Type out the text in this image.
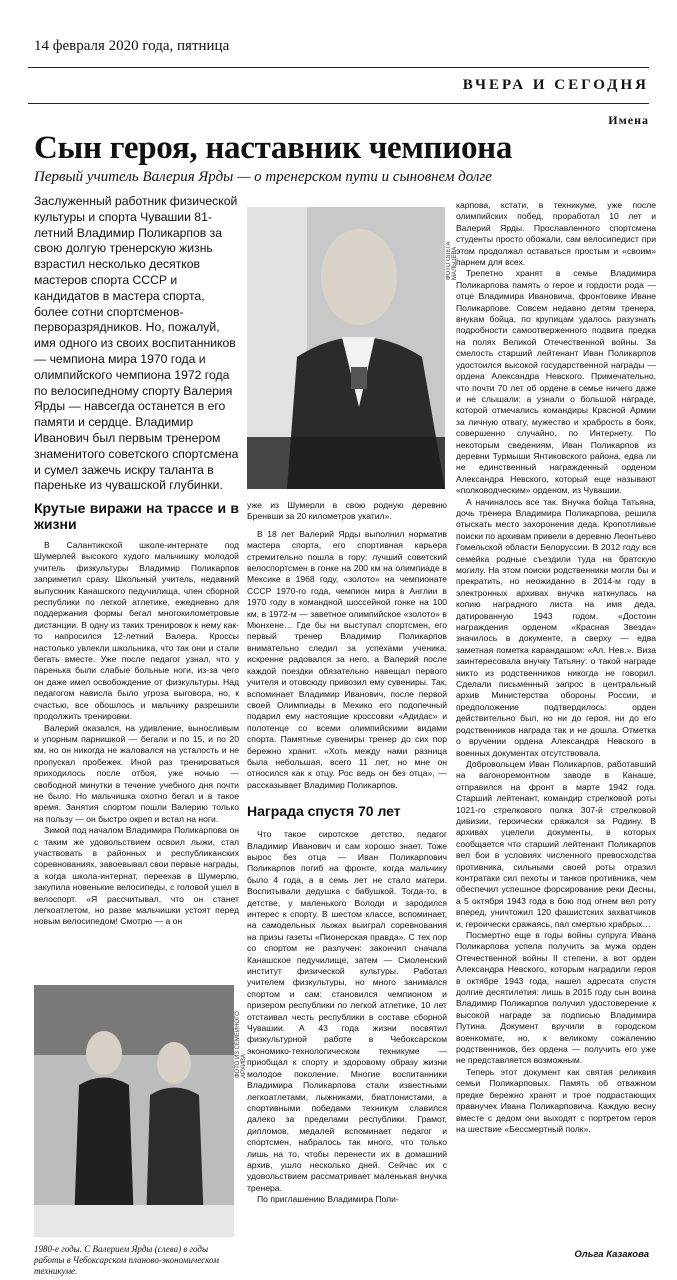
14 февраля 2020 года, пятница
ВЧЕРА И СЕГОДНЯ
Имена
Сын героя, наставник чемпиона
Первый учитель Валерия Ярды — о тренерском пути и сыновнем долге
Заслуженный работник физической культуры и спорта Чувашии 81-летний Владимир Поликарпов за свою долгую тренерскую жизнь взрастил несколько десятков мастеров спорта СССР и кандидатов в мастера спорта, более сотни спортсменов-перворазрядников. Но, пожалуй, имя одного из своих воспитанников — чемпиона мира 1970 года и олимпийского чемпиона 1972 года по велосипедному спорту Валерия Ярды — навсегда останется в его памяти и сердце. Владимир Иванович был первым тренером знаменитого советского спортсмена и сумел зажечь искру таланта в пареньке из чувашской глубинки.
ФОТО ОЛЕГА МАЛЬЦЕВА
Крутые виражи на трассе и в жизни

В Салантикской школе-интернате под Шумерлей высокого худого мальчишку молодой учитель физкультуры Владимир Поликарпов заприметил сразу. Школьный учитель, недавний выпускник Канашского педучилища, член сборной республики по легкой атлетике, ежедневно для поддержания формы бегал многокилометровые дистанции. В одну из таких тренировок к нему как-то напросился 12-летний Валера. Кроссы настолько увлекли школьника, что так они и стали бегать вместе. Уже после педагог узнал, что у паренька были слабые больные ноги, из-за чего он даже имел освобождение от физкультуры. Над педагогом нависла было угроза выговора, но, к счастью, все обошлось и мальчику разрешили продолжить тренировки.

Валерий оказался, на удивление, выносливым и упорным парнишкой — бегали и по 15, и по 20 км, но он никогда не жаловался на усталость и не пропускал пробежек. Иной раз тренироваться приходилось после отбоя, уже ночью — свободной минутки в течение учебного дня почти не было. Но мальчишка охотно бегал и в такое время. Занятия спортом пошли Валерию только на пользу — он быстро окреп и встал на ноги.

Зимой под началом Владимира Поликарпова он с таким же удовольствием освоил лыжи, стал участвовать в районных и республиканских соревнованиях, завоевывал свои первые награды, а когда школа-интернат, переехав в Шумерлю, закупила новенькие велосипеды, с головой ушел в велоспорт. «Я рассчитывал, что он станет легкоатлетом, но разве мальчишки устоят перед новым велосипедом! Смотрю — а он

ФОТО ИЗ СЕМЕЙНОГО АРХИВА
1980-е годы. С Валерием Ярды (слева) в годы работы в Чебоксарском планово-экономическом техникуме.

уже из Шумерли в свою родную деревню Бренвши за 20 километров укатил».

В 18 лет Валерий Ярды выполнил норматив мастера спорта, его спортивная карьера стремительно пошла в гору: лучший советский велоспортсмен в гонке на 200 км на олимпиаде в Мексике в 1968 году, «золото» на чемпионате СССР 1970-го года, чемпион мира в Англии в 1970 году в командной шоссейной гонке на 100 км, в 1972-м — заветное олимпийское «золото» в Мюнхене… Где бы ни выступал спортсмен, его первый тренер Владимир Поликарпов внимательно следил за успехами ученика, искренне радовался за него, а Валерий после каждой поездки обязательно навещал первого учителя и отовсюду привозил ему сувениры. Так, вспоминает Владимир Иванович, после первой своей Олимпиады в Мехико его подопечный подарил ему настоящие кроссовки «Адидас» и полотенце со всеми олимпийскими видами спорта. Памятные сувениры тренер до сих пор бережно хранит. «Хоть между нами разница была небольшая, всего 11 лет, но мне он относился как к отцу. Рос ведь он без отца», — рассказывает Владимир Поликарпов.

Награда спустя 70 лет

Что такое сиротское детство, педагог Владимир Иванович и сам хорошо знает. Тоже вырос без отца — Иван Поликарпович Поликарпов погиб на фронте, когда мальчику было 4 года, а в семь лет не стало матери. Воспитывали дедушка с бабушкой. Тогда-то, в детстве, у маленького Володи и зародился интерес к спорту. В шестом классе, вспоминает, на самодельных лыжах выиграл соревнования на призы газеты «Пионерская правда». С тех пор со спортом не разлучен: закончил сначала Канашское педучилище, затем — Смоленский институт физической культуры. Работал учителем физкультуры, но много занимался спортом и сам: становился чемпионом и призером республики по легкой атлетике, 10 лет отстаивал честь республики в составе сборной Чувашии. А 43 года жизни посвятил физкультурной работе в Чебоксарском экономико-технологическом техникуме — приобщал к спорту и здоровому образу жизни молодое поколение. Многие воспитанники Владимира Поликарпова стали известными легкоатлетами, лыжниками, биатлонистами, а спортивными победами техникум славился далеко за пределами республики. Грамот, дипломов, медалей вспоминает педагог и спортсмен, набралось так много, что только лишь на то, чтобы перенести их в домашний архив, ушло несколько дней. Сейчас их с удовольствием рассматривает маленькая внучка тренера.

По приглашению Владимира Поли-

карпова, кстати, в техникуме, уже после олимпийских побед, проработал 10 лет и Валерий Ярды. Прославленного спортсмена студенты просто обожали, сам велосипедист при этом продолжал оставаться простым и «своим» парнем для всех.

Трепетно хранят в семье Владимира Поликарпова память о герое и гордости рода — отце Владимира Ивановича, фронтовике Иване Поликарпове. Совсем недавно детям тренера, внукам бойца, по крупицам удалось разузнать подробности самоотверженного подвига предка на полях Великой Отечественной войны. За смелость старший лейтенант Иван Поликарпов удостоился высокой государственной награды — ордена Александра Невского. Примечательно, что почти 70 лет об ордене в семье ничего даже и не слышали: а узнали о большой награде, которой отмечались командиры Красной Армии за личную отвагу, мужество и храбрость в боях, совершенно случайно, по Интернету. По некоторым сведениям, Иван Поликарпов из деревни Турмыши Янтиковского района, едва ли не единственный награжденный орденом Александра Невского, который еще называют «полководческим» орденом, из Чувашии.

А начиналось все так. Внучка бойца Татьяна, дочь тренера Владимира Поликарпова, решила отыскать место захоронения деда. Кропотливые поиски по архивам привели в деревню Леонтьево Гомельской области Белоруссии. В 2012 году вся семейка родные съездили туда на братскую могилу. На этом поиски родственники могли бы и прекратить, но неожиданно в 2014-м году в электронных архивах внучка наткнулась на копию наградного листа на имя деда, датированную 1943 годом. «Достоин награждения орденом «Красная Звезда» значилось в документе, а сверху — едва заметная пометка карандашом: «Ал. Нев.». Виза заинтересовала внучку Татьяну: о такой награде никто из родственников никогда не говорил. Сделали письменный запрос в центральный архив Министерства обороны России, и предположение подтвердилось: орден действительно был, но ни до героя, ни до его родственников награда так и не дошла. Отметка о вручении ордена Александра Невского в военных документах отсутствовала.

Добровольцем Иван Поликарпов, работавший на вагоноремонтном заводе в Канаше, отправился на фронт в марте 1942 года. Старший лейтенант, командир стрелковой роты 1021-го стрелкового полка 307-й стрелковой дивизии, героически сражался за Родину. В архивах уцелели документы, в которых сообщается что старший лейтенант Поликарпов вел бои в условиях численного превосходства противника, сильными своей роты отразил контратаки сил пехоты и танков противника, чем обеспечил успешное форсирование реки Десны, а 5 октября 1943 года в бою под огнем вел роту вперед, уничтожил 120 фашистских захватчиков и, героически сражаясь, пал смертью храбрых…

Посмертно еще в годы войны супруга Ивана Поликарпова успела получить за мужа орден Отечественной войны II степени, а вот орден Александра Невского, которым наградили героя в октябре 1943 года, нашел адресата спустя долгие десятилетия: лишь в 2015 году сын воина Владимир Поликарпов получил удостоверение к высокой награде за подписью Владимира Путина. Документ вручили в городском военкомате, но, к великому сожалению родственников, без ордена — получить его уже не представляется возможным.

Теперь этот документ как святая реликвия семьи Поликарповых. Память об отважном предке бережно хранят и трое подрастающих правнучек Ивана Поликарповича. Каждую весну вместе с дедом они выходят с портретом героя на шествие «Бессмертный полк».

Ольга Казакова
